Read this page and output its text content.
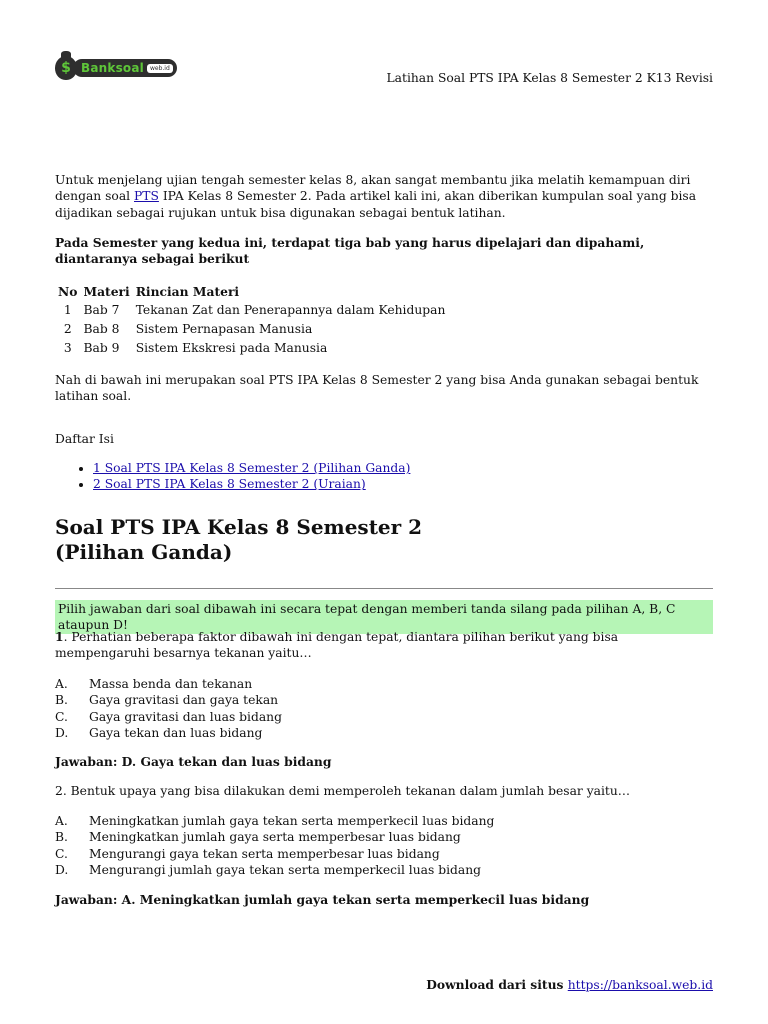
$ Banksoal	web.id
Latihan Soal PTS IPA Kelas 8 Semester 2 K13 Revisi

Untuk menjelang ujian tengah semester kelas 8, akan sangat membantu jika melatih kemampuan diri dengan soal PTS IPA Kelas 8 Semester 2. Pada artikel kali ini, akan diberikan kumpulan soal yang bisa dijadikan sebagai rujukan untuk bisa digunakan sebagai bentuk latihan.

Pada Semester yang kedua ini, terdapat tiga bab yang harus dipelajari dan dipahami, diantaranya sebagai berikut

No	Materi	Rincian Materi
1	Bab 7	Tekanan Zat dan Penerapannya dalam Kehidupan
2	Bab 8	Sistem Pernapasan Manusia
3	Bab 9	Sistem Ekskresi pada Manusia

Nah di bawah ini merupakan soal PTS IPA Kelas 8 Semester 2 yang bisa Anda gunakan sebagai bentuk latihan soal.

Daftar Isi

• 1 Soal PTS IPA Kelas 8 Semester 2 (Pilihan Ganda)
• 2 Soal PTS IPA Kelas 8 Semester 2 (Uraian)
Soal PTS IPA Kelas 8 Semester 2
(Pilihan Ganda)
Pilih jawaban dari soal dibawah ini secara tepat dengan memberi tanda silang pada pilihan A, B, C ataupun D!

1. Perhatian beberapa faktor dibawah ini dengan tepat, diantara pilihan berikut yang bisa mempengaruhi besarnya tekanan yaitu…

A.	Massa benda dan tekanan
B.	Gaya gravitasi dan gaya tekan
C.	Gaya gravitasi dan luas bidang
D.	Gaya tekan dan luas bidang

Jawaban: D. Gaya tekan dan luas bidang

2. Bentuk upaya yang bisa dilakukan demi memperoleh tekanan dalam jumlah besar yaitu…

A.	Meningkatkan jumlah gaya tekan serta memperkecil luas bidang
B.	Meningkatkan jumlah gaya serta memperbesar luas bidang
C.	Mengurangi gaya tekan serta memperbesar luas bidang
D.	Mengurangi jumlah gaya tekan serta memperkecil luas bidang

Jawaban: A. Meningkatkan jumlah gaya tekan serta memperkecil luas bidang

Download dari situs https://banksoal.web.id
